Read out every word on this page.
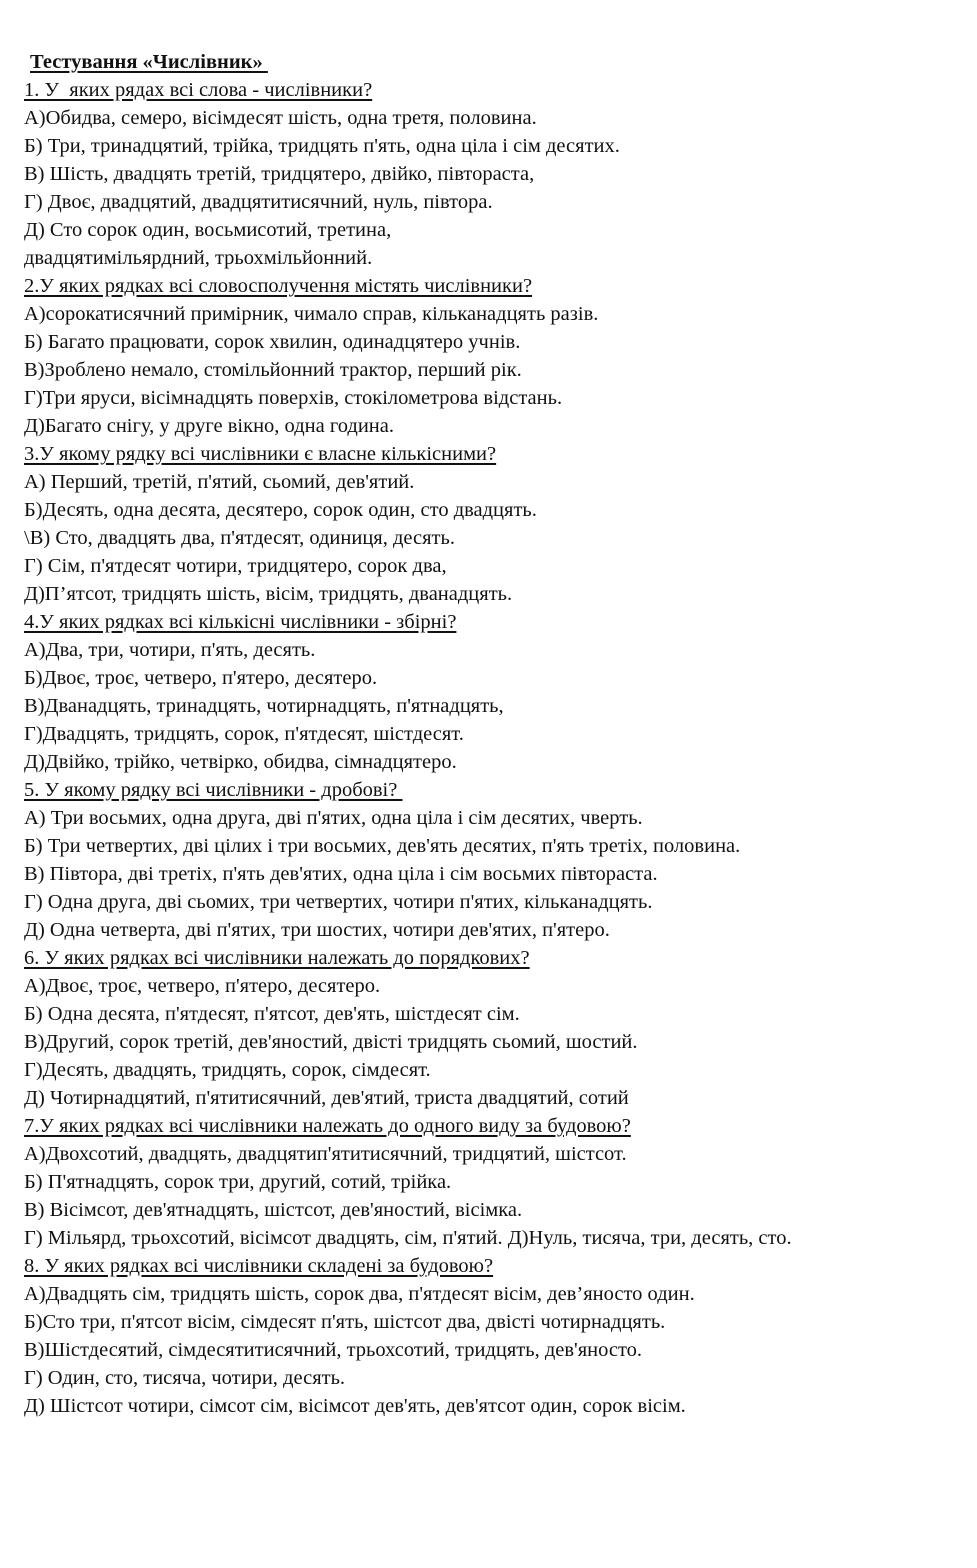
Тестування «Числівник»
1. У  яких рядах всі слова - числівники?
А)Обидва, семеро, вісімдесят шість, одна третя, половина.
Б) Три, тринадцятий, трійка, тридцять п'ять, одна ціла і сім десятих.
В) Шість, двадцять третій, тридцятеро, двійко, півтораста,
Г) Двоє, двадцятий, двадцятитисячний, нуль, півтора.
Д) Сто сорок один, восьмисотий, третина,
двадцятимільярдний, трьохмільйонний.
2.У яких рядках всі словосполучення містять числівники?
А)сорокатисячний примірник, чимало справ, кільканадцять разів.
Б) Багато працювати, сорок хвилин, одинадцятеро учнів.
В)Зроблено немало, стомільйонний трактор, перший рік.
Г)Три яруси, вісімнадцять поверхів, стокілометрова відстань.
Д)Багато снігу, у друге вікно, одна година.
3.У якому рядку всі числівники є власне кількісними?
А) Перший, третій, п'ятий, сьомий, дев'ятий.
Б)Десять, одна десята, десятеро, сорок один, сто двадцять.
\В) Сто, двадцять два, п'ятдесят, одиниця, десять.
Г) Сім, п'ятдесят чотири, тридцятеро, сорок два,
Д)П’ятсот, тридцять шість, вісім, тридцять, дванадцять.
4.У яких рядках всі кількісні числівники - збірні?
А)Два, три, чотири, п'ять, десять.
Б)Двоє, троє, четверо, п'ятеро, десятеро.
В)Дванадцять, тринадцять, чотирнадцять, п'ятнадцять,
Г)Двадцять, тридцять, сорок, п'ятдесят, шістдесят.
Д)Двійко, трійко, четвірко, обидва, сімнадцятеро.
5. У якому рядку всі числівники - дробові?
А) Три восьмих, одна друга, дві п'ятих, одна ціла і сім десятих, чверть.
Б) Три четвертих, дві цілих і три восьмих, дев'ять десятих, п'ять третіх, половина.
В) Півтора, дві третіх, п'ять дев'ятих, одна ціла і сім восьмих півтораста.
Г) Одна друга, дві сьомих, три четвертих, чотири п'ятих, кільканадцять.
Д) Одна четверта, дві п'ятих, три шостих, чотири дев'ятих, п'ятеро.
6. У яких рядках всі числівники належать до порядкових?
А)Двоє, троє, четверо, п'ятеро, десятеро.
Б) Одна десята, п'ятдесят, п'ятсот, дев'ять, шістдесят сім.
В)Другий, сорок третій, дев'яностий, двісті тридцять сьомий, шостий.
Г)Десять, двадцять, тридцять, сорок, сімдесят.
Д) Чотирнадцятий, п'ятитисячний, дев'ятий, триста двадцятий, сотий
7.У яких рядках всі числівники належать до одного виду за будовою?
А)Двохсотий, двадцять, двадцятип'ятитисячний, тридцятий, шістсот.
Б) П'ятнадцять, сорок три, другий, сотий, трійка.
В) Вісімсот, дев'ятнадцять, шістсот, дев'яностий, вісімка.
Г) Мільярд, трьохсотий, вісімсот двадцять, сім, п'ятий. Д)Нуль, тисяча, три, десять, сто.
8. У яких рядках всі числівники складені за будовою?
А)Двадцять сім, тридцять шість, сорок два, п'ятдесят вісім, дев’яносто один.
Б)Сто три, п'ятсот вісім, сімдесят п'ять, шістсот два, двісті чотирнадцять.
В)Шістдесятий, сімдесятитисячний, трьохсотий, тридцять, дев'яносто.
Г) Один, сто, тисяча, чотири, десять.
Д) Шістсот чотири, сімсот сім, вісімсот дев'ять, дев'ятсот один, сорок вісім.
